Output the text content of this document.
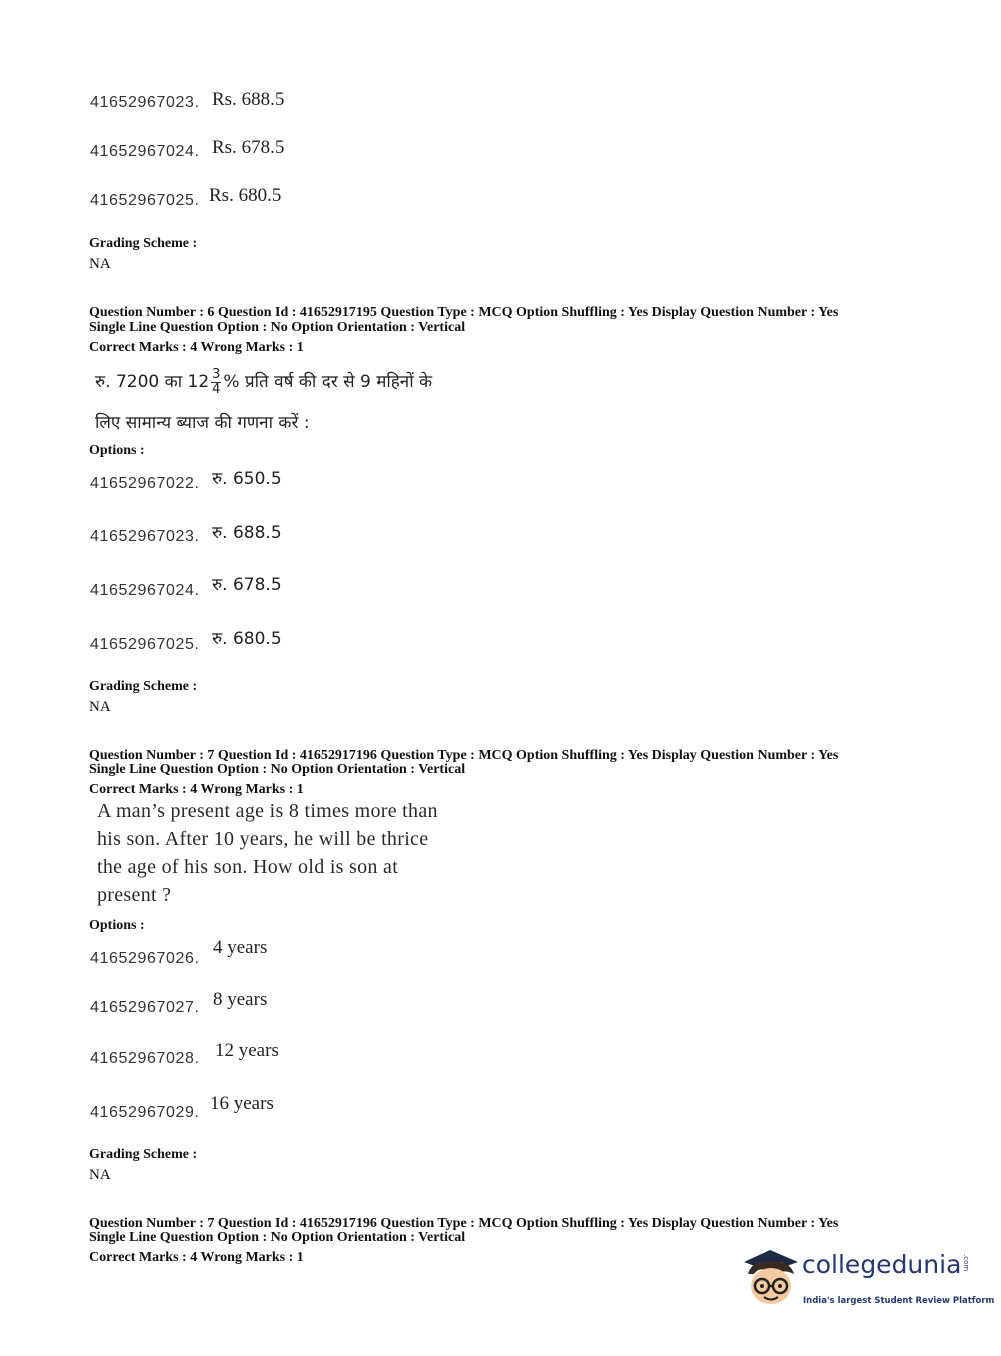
41652967023. Rs. 688.5
41652967024. Rs. 678.5
41652967025. Rs. 680.5
Grading Scheme :
NA
Question Number : 6 Question Id : 41652917195 Question Type : MCQ Option Shuffling : Yes Display Question Number : Yes
Single Line Question Option : No Option Orientation : Vertical
Correct Marks : 4 Wrong Marks : 1
रु. 7200 का $12 \frac{3}{4}$ % प्रति वर्ष की दर से 9 महिनों के
लिए सामान्य ब्याज की गणना करें :
Options :
41652967022. रु. 650.5
41652967023. रु. 688.5
41652967024. रु. 678.5
41652967025. रु. 680.5
Grading Scheme :
NA
Question Number : 7 Question Id : 41652917196 Question Type : MCQ Option Shuffling : Yes Display Question Number : Yes
Single Line Question Option : No Option Orientation : Vertical
Correct Marks : 4 Wrong Marks : 1
A man’s present age is 8 times more than
his son. After 10 years, he will be thrice
the age of his son. How old is son at
present ?
Options :
41652967026.
4 years
41652967027. 8 years
41652967028. 12 years
41652967029. 16 years
Grading Scheme :
NA
Question Number : 7 Question Id : 41652917196 Question Type : MCQ Option Shuffling : Yes Display Question Number : Yes
Single Line Question Option : No Option Orientation : Vertical
Correct Marks : 4 Wrong Marks : 1	collegedunia .com
India's largest Student Review Platform
